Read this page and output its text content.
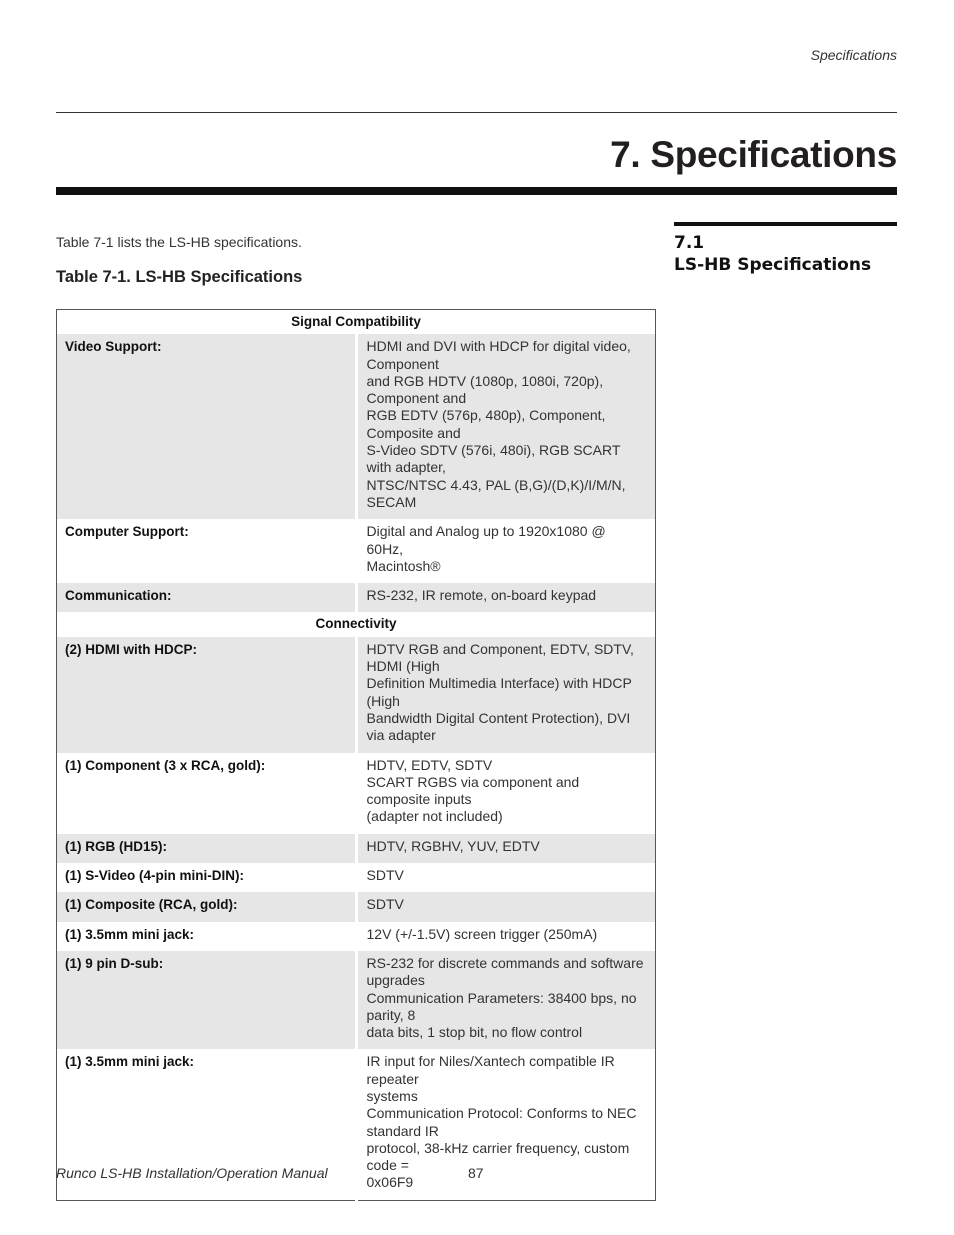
Specifications
7. Specifications
7.1
LS-HB Specifications
Table 7-1 lists the LS-HB specifications.
Table 7-1. LS-HB Specifications
Signal Compatibility	
Video Support:	HDMI and DVI with HDCP for digital video, Component
and RGB HDTV (1080p, 1080i, 720p), Component and
RGB EDTV (576p, 480p), Component, Composite and
S-Video SDTV (576i, 480i), RGB SCART with adapter,
NTSC/NTSC 4.43, PAL (B,G)/(D,K)/I/M/N, SECAM

Computer Support:	Digital and Analog up to 1920x1080 @ 60Hz,
Macintosh®

Communication:	RS-232, IR remote, on-board keypad

Connectivity	
(2) HDMI with HDCP:	HDTV RGB and Component, EDTV, SDTV, HDMI (High
Definition Multimedia Interface) with HDCP (High
Bandwidth Digital Content Protection), DVI via adapter

(1) Component (3 x RCA, gold):	HDTV, EDTV, SDTV
SCART RGBS via component and composite inputs
(adapter not included)

(1) RGB (HD15):	HDTV, RGBHV, YUV, EDTV

(1) S-Video (4-pin mini-DIN):	SDTV

(1) Composite (RCA, gold):	SDTV

(1) 3.5mm mini jack:	12V (+/-1.5V) screen trigger (250mA)

(1) 9 pin D-sub:	RS-232 for discrete commands and software upgrades
Communication Parameters: 38400 bps, no parity, 8
data bits, 1 stop bit, no flow control

(1) 3.5mm mini jack:	IR input for Niles/Xantech compatible IR repeater
systems
Communication Protocol: Conforms to NEC standard IR
protocol, 38-kHz carrier frequency, custom code =
0x06F9
Runco LS-HB Installation/Operation Manual	87
